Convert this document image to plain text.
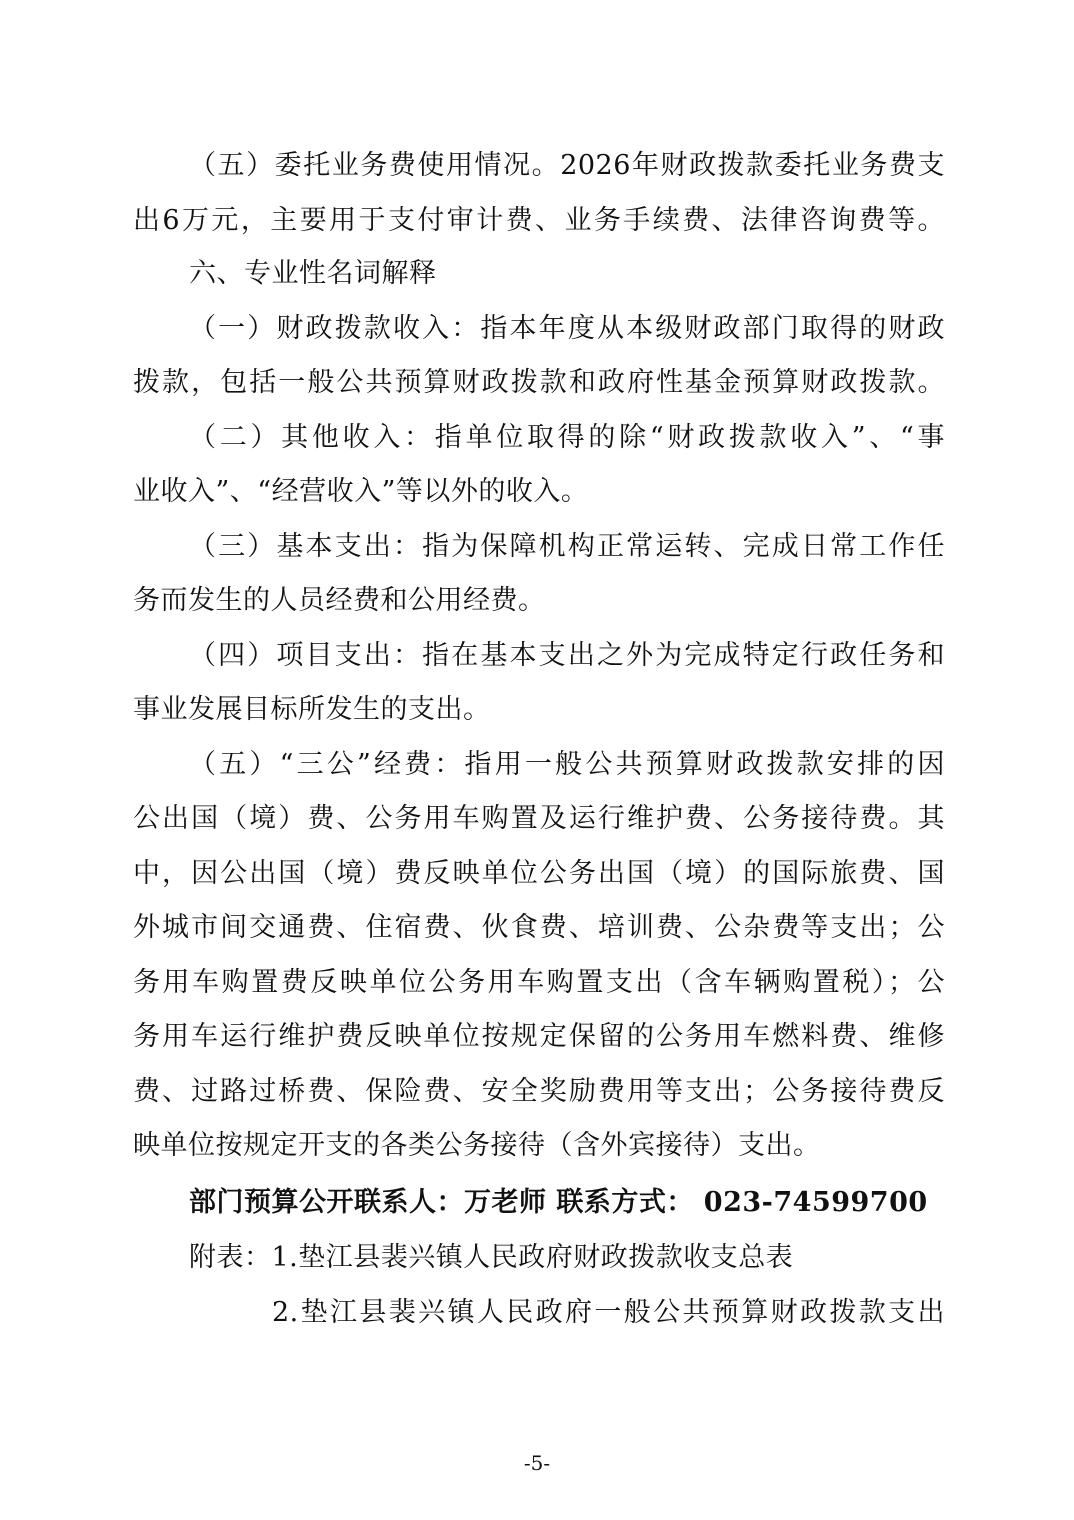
（五）委托业务费使用情况。2026年财政拨款委托业务费支
出6万元，主要用于支付审计费、业务手续费、法律咨询费等。
六、专业性名词解释
（一）财政拨款收入：指本年度从本级财政部门取得的财政
拨款，包括一般公共预算财政拨款和政府性基金预算财政拨款。
（二）其他收入：指单位取得的除“财政拨款收入”、“事
业收入”、“经营收入”等以外的收入。
（三）基本支出：指为保障机构正常运转、完成日常工作任
务而发生的人员经费和公用经费。
（四）项目支出：指在基本支出之外为完成特定行政任务和
事业发展目标所发生的支出。
（五）“三公”经费：指用一般公共预算财政拨款安排的因
公出国（境）费、公务用车购置及运行维护费、公务接待费。其
中，因公出国（境）费反映单位公务出国（境）的国际旅费、国
外城市间交通费、住宿费、伙食费、培训费、公杂费等支出；公
务用车购置费反映单位公务用车购置支出（含车辆购置税）；公
务用车运行维护费反映单位按规定保留的公务用车燃料费、维修
费、过路过桥费、保险费、安全奖励费用等支出；公务接待费反
映单位按规定开支的各类公务接待（含外宾接待）支出。
部门预算公开联系人：万老师 联系方式： 023-74599700
附表：1.垫江县裴兴镇人民政府财政拨款收支总表
2.垫江县裴兴镇人民政府一般公共预算财政拨款支出
-5-
